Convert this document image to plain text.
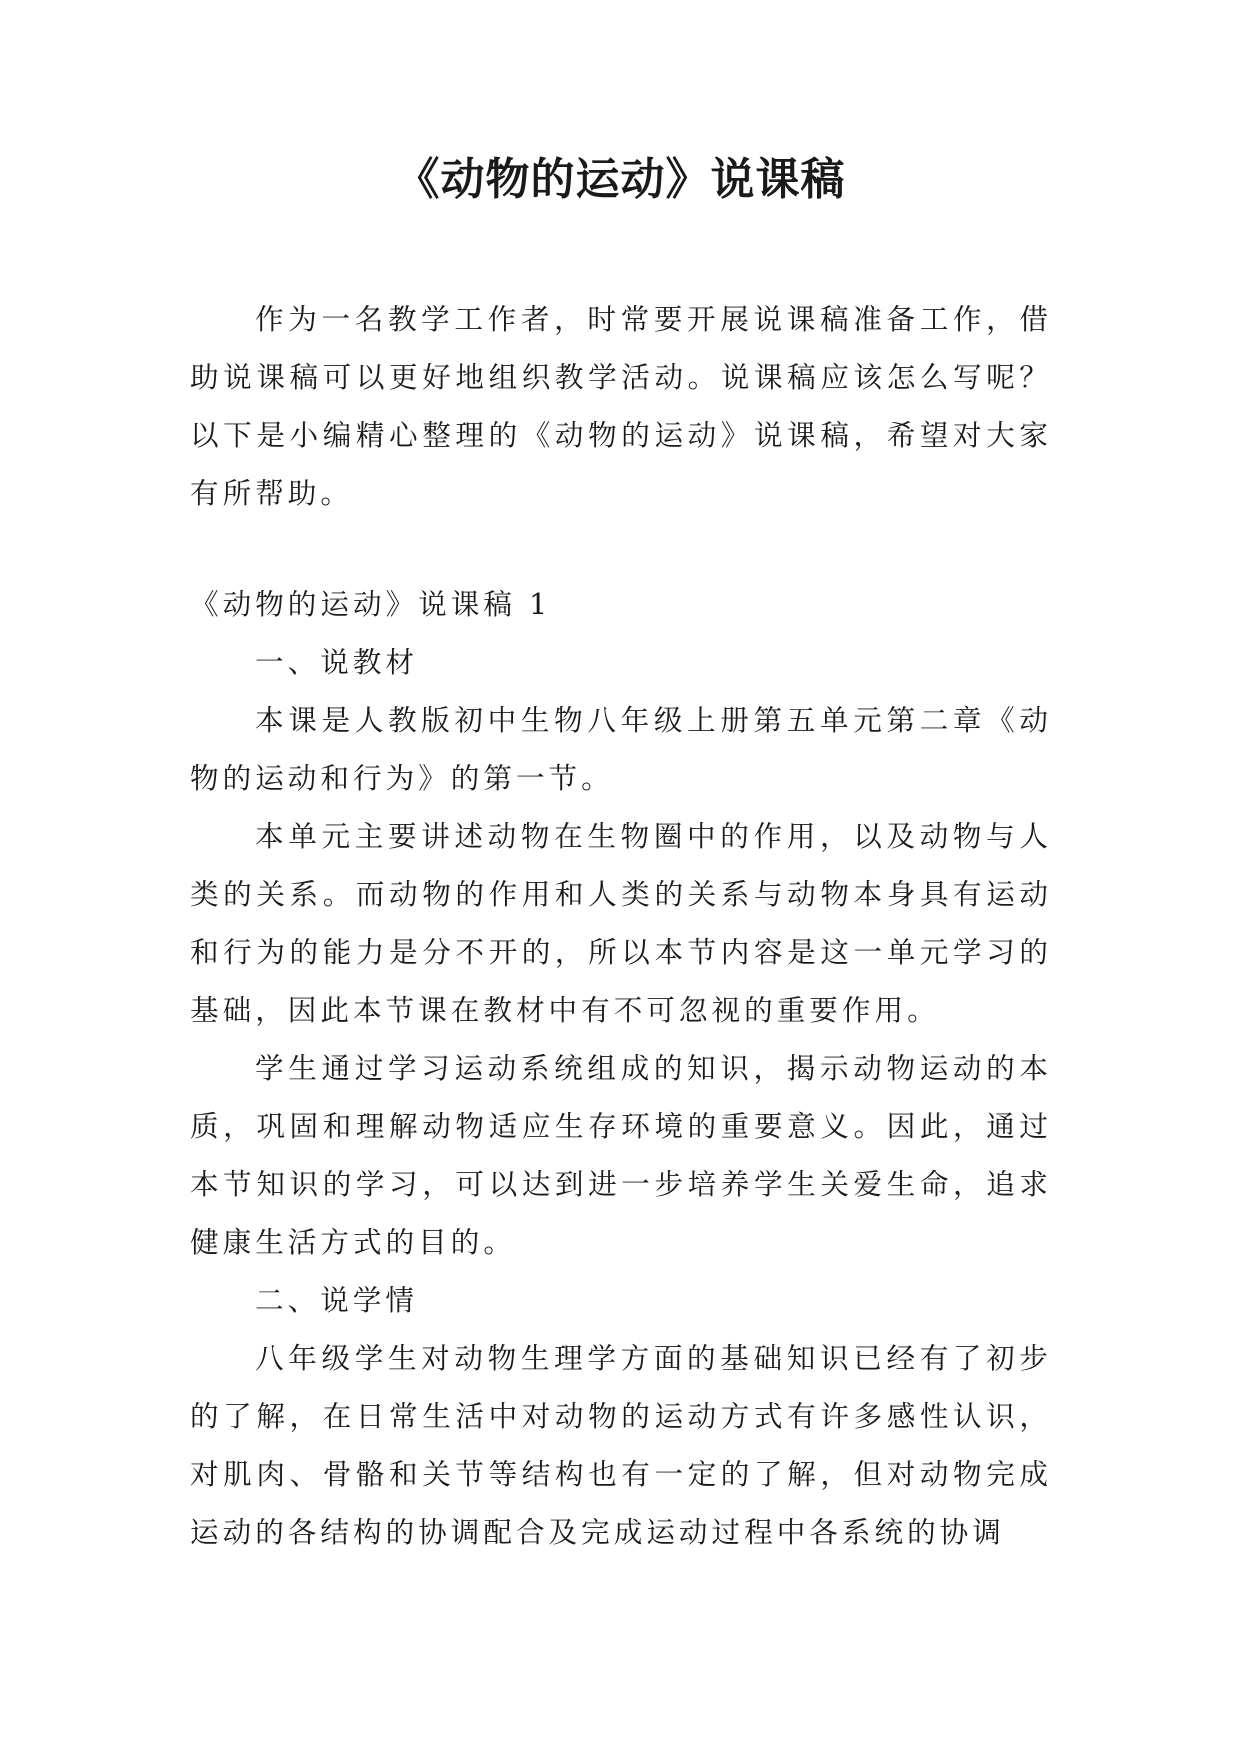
《动物的运动》说课稿

作为一名教学工作者，时常要开展说课稿准备工作，借助说课稿可以更好地组织教学活动。说课稿应该怎么写呢？以下是小编精心整理的《动物的运动》说课稿，希望对大家有所帮助。

《动物的运动》说课稿 1

一、说教材

本课是人教版初中生物八年级上册第五单元第二章《动物的运动和行为》的第一节。

本单元主要讲述动物在生物圈中的作用，以及动物与人类的关系。而动物的作用和人类的关系与动物本身具有运动和行为的能力是分不开的，所以本节内容是这一单元学习的基础，因此本节课在教材中有不可忽视的重要作用。

学生通过学习运动系统组成的知识，揭示动物运动的本质，巩固和理解动物适应生存环境的重要意义。因此，通过本节知识的学习，可以达到进一步培养学生关爱生命，追求健康生活方式的目的。

二、说学情

八年级学生对动物生理学方面的基础知识已经有了初步的了解，在日常生活中对动物的运动方式有许多感性认识，对肌肉、骨骼和关节等结构也有一定的了解，但对动物完成运动的各结构的协调配合及完成运动过程中各系统的协调
